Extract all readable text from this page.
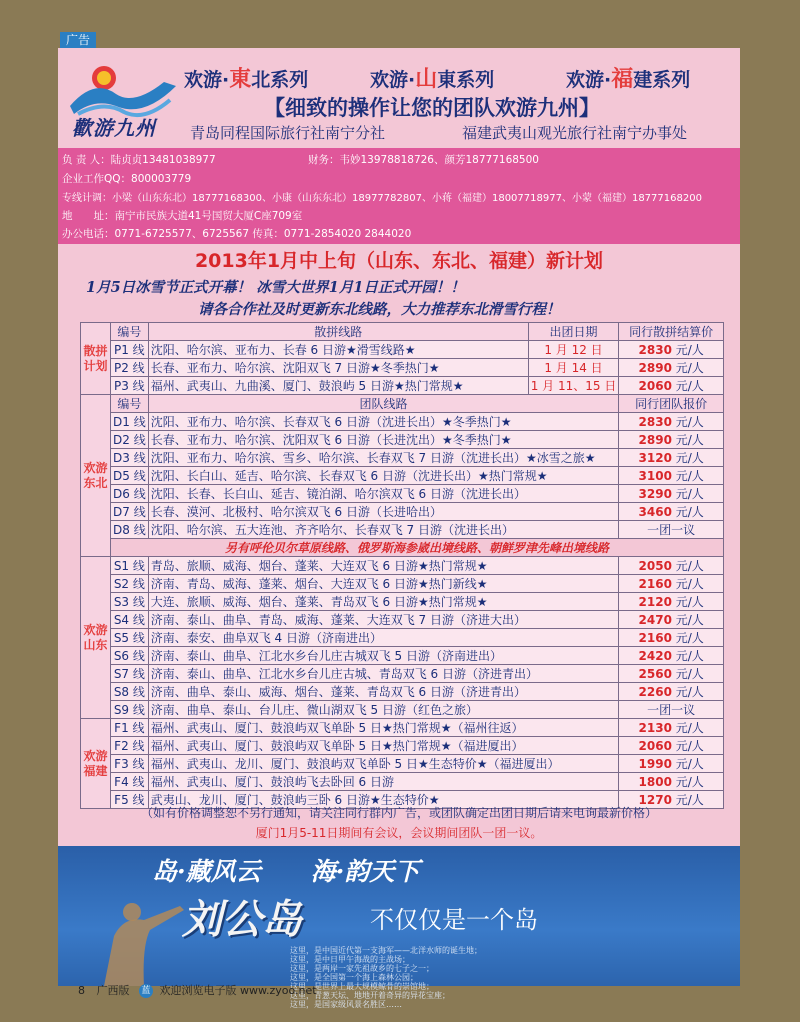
广告
歡游九州
欢游·東北系列	欢游·山東系列	欢游·福建系列
【细致的操作让您的团队欢游九州】
青岛同程国际旅行社南宁分社	福建武夷山观光旅行社南宁办事处
负 责 人：陆贞贞13481038977	财务：韦妙13978818726、颜芳18777168500
企业工作QQ：800003779
专线计调：小梁（山东东北）18777168300、小康（山东东北）18977782807、小蒋（福建）18007718977、小蒙（福建）18777168200
地　　址：南宁市民族大道41号国贸大厦C座709室
办公电话：0771-6725577、6725567 传真：0771-2854020 2844020
2013年1月中上旬（山东、东北、福建）新计划
1月5日冰雪节正式开幕！ 冰雪大世界1月1日正式开园！！
请各合作社及时更新东北线路，大力推荐东北滑雪行程！
散拼计划	编号	散拼线路	出团日期	同行散拼结算价
	P1 线	沈阳、哈尔滨、亚布力、长春 6 日游★滑雪线路★	1 月 12 日	2830 元/人
	P2 线	长春、亚布力、哈尔滨、沈阳双飞 7 日游★冬季热门★	1 月 14 日	2890 元/人
	P3 线	福州、武夷山、九曲溪、厦门、鼓浪屿 5 日游★热门常规★	1 月 11、15 日	2060 元/人
欢游东北	编号	团队线路		同行团队报价
	D1 线	沈阳、亚布力、哈尔滨、长春双飞 6 日游（沈进长出）★冬季热门★		2830 元/人
	D2 线	长春、亚布力、哈尔滨、沈阳双飞 6 日游（长进沈出）★冬季热门★		2890 元/人
	D3 线	沈阳、亚布力、哈尔滨、雪乡、哈尔滨、长春双飞 7 日游（沈进长出）★冰雪之旅★		3120 元/人
	D5 线	沈阳、长白山、延吉、哈尔滨、长春双飞 6 日游（沈进长出）★热门常规★		3100 元/人
	D6 线	沈阳、长春、长白山、延吉、镜泊湖、哈尔滨双飞 6 日游（沈进长出）		3290 元/人
	D7 线	长春、漠河、北极村、哈尔滨双飞 6 日游（长进哈出）		3460 元/人
	D8 线	沈阳、哈尔滨、五大连池、齐齐哈尔、长春双飞 7 日游（沈进长出）		一团一议
	另有呼伦贝尔草原线路、俄罗斯海参崴出境线路、朝鲜罗津先峰出境线路			
欢游山东	S1 线	青岛、旅顺、威海、烟台、蓬莱、大连双飞 6 日游★热门常规★		2050 元/人
	S2 线	济南、青岛、威海、蓬莱、烟台、大连双飞 6 日游★热门新线★		2160 元/人
	S3 线	大连、旅顺、威海、烟台、蓬莱、青岛双飞 6 日游★热门常规★		2120 元/人
	S4 线	济南、泰山、曲阜、青岛、威海、蓬莱、大连双飞 7 日游（济进大出）		2470 元/人
	S5 线	济南、泰安、曲阜双飞 4 日游（济南进出）		2160 元/人
	S6 线	济南、泰山、曲阜、江北水乡台儿庄古城双飞 5 日游（济南进出）		2420 元/人
	S7 线	济南、泰山、曲阜、江北水乡台儿庄古城、青岛双飞 6 日游（济进青出）		2560 元/人
	S8 线	济南、曲阜、泰山、威海、烟台、蓬莱、青岛双飞 6 日游（济进青出）		2260 元/人
	S9 线	济南、曲阜、泰山、台儿庄、微山湖双飞 5 日游（红色之旅）		一团一议
欢游福建	F1 线	福州、武夷山、厦门、鼓浪屿双飞单卧 5 日★热门常规★（福州往返）		2130 元/人
	F2 线	福州、武夷山、厦门、鼓浪屿双飞单卧 5 日★热门常规★（福进厦出）		2060 元/人
	F3 线	福州、武夷山、龙川、厦门、鼓浪屿双飞单卧 5 日★生态特价★（福进厦出）		1990 元/人
	F4 线	福州、武夷山、厦门、鼓浪屿飞去卧回 6 日游		1800 元/人
	F5 线	武夷山、龙川、厦门、鼓浪屿三卧 6 日游★生态特价★		1270 元/人
（如有价格调整恕不另行通知，请关注同行群内广告，或团队确定出团日期后请来电询最新价格）
厦门1月5-11日期间有会议，会议期间团队一团一议。
岛·藏风云　　海·韵天下
刘公岛	不仅仅是一个岛
这里，是中国近代第一支海军——北洋水师的诞生地；
这里，是中日甲午海战的主战场；
这里，是两岸一家先祖故乡的七子之一；
这里，是全国第一个海上森林公园；
这里，是世界上最大规模鲸骨的崇馆地；
这里，青葱天坛、地地开着奇异的异花宝座；
这里，是国家级风景名胜区……
8 广西版 蓝 欢迎浏览电子版 www.zyoo.net
